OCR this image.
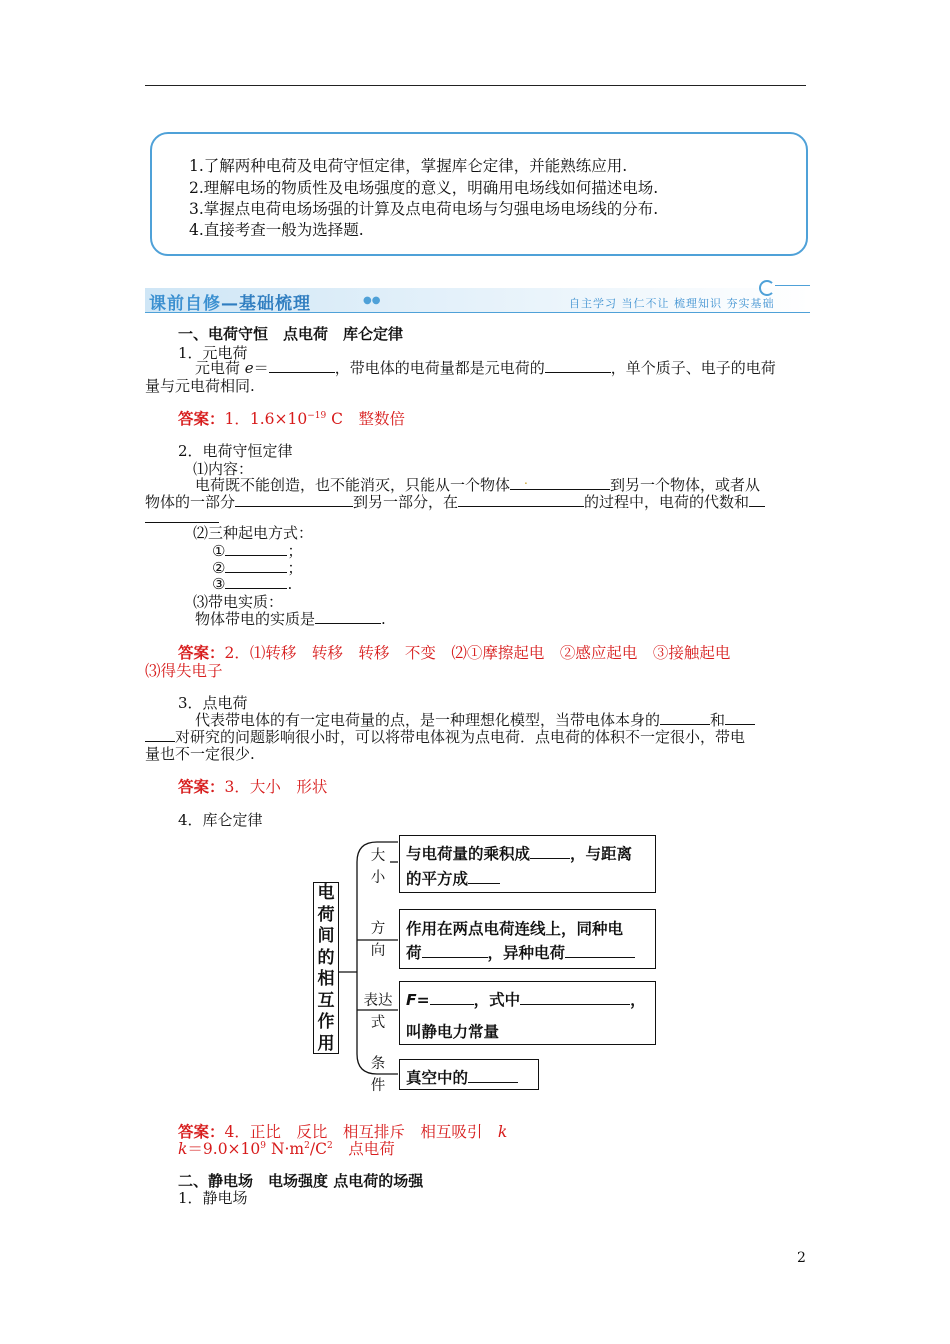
1.了解两种电荷及电荷守恒定律，掌握库仑定律，并能熟练应用.
2.理解电场的物质性及电场强度的意义，明确用电场线如何描述电场.
3.掌握点电荷电场场强的计算及点电荷电场与匀强电场电场线的分布.
4.直接考查一般为选择题.
课前自修—基础梳理	●●	自主学习 当仁不让 梳理知识 夯实基础
一、电荷守恒　点电荷　库仑定律
1．元电荷
元电荷 e＝	，带电体的电荷量都是元电荷的	，单个质子、电子的电荷
量与元电荷相同.
答案：1．$1.6\times 10^{-19}$ C　整数倍
2．电荷守恒定律
⑴内容：
电荷既不能创造，也不能消灭，只能从一个物体 .	到另一个物体，或者从
物体的一部分	到另一部分，在	的过程中，电荷的代数和
⑵三种起电方式：
①	；
②	；
③	.
⑶带电实质：
物体带电的实质是	.
答案：2．⑴转移　转移　转移　不变　⑵①摩擦起电　②感应起电　③接触起电
⑶得失电子
3．点电荷
代表带电体的有一定电荷量的点，是一种理想化模型，当带电体本身的	和
对研究的问题影响很小时，可以将带电体视为点电荷．点电荷的体积不一定很小，带电
量也不一定很少.
答案：3．大小　形状
4．库仑定律
电
荷
间
的
相
互
作
用
大
小
与电荷量的乘积成	，与距离
的平方成
方
向
作用在两点电荷连线上，同种电
荷	，异种电荷
表达
式
F=	，式中	，
叫静电力常量
条
件	真空中的
答案：4．正比　反比　相互排斥　相互吸引　k
$k=9.0\times 10^9$ $N\cdot m^2/C^2$　点电荷
二、静电场　电场强度 点电荷的场强
1．静电场
2
